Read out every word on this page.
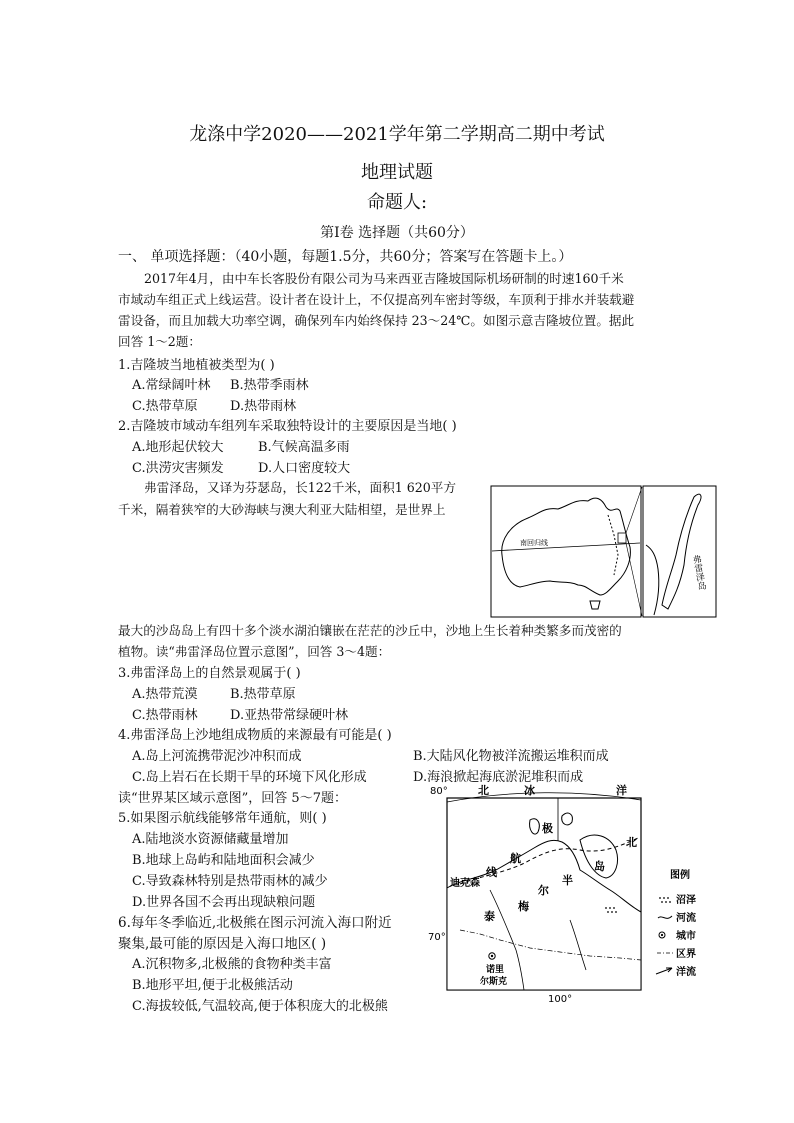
龙涤中学2020——2021学年第二学期高二期中考试
地理试题
命题人:
第Ⅰ卷 选择题（共60分）
一、 单项选择题：（40小题，每题1.5分，共60分；答案写在答题卡上。）
2017年4月，由中车长客股份有限公司为马来西亚吉隆坡国际机场研制的时速160千米
市域动车组正式上线运营。设计者在设计上，不仅提高列车密封等级，车顶利于排水并装载避
雷设备，而且加载大功率空调，确保列车内始终保持 23～24℃。如图示意吉隆坡位置。据此
回答 1～2题：
1.吉隆坡当地植被类型为( )
A.常绿阔叶林 B.热带季雨林
C.热带草原 D.热带雨林
2.吉隆坡市域动车组列车采取独特设计的主要原因是当地( )
A.地形起伏较大	B.气候高温多雨
C.洪涝灾害频发	D.人口密度较大
弗雷泽岛，又译为芬瑟岛，长122千米，面积1 620平方
千米，隔着狭窄的大砂海峡与澳大利亚大陆相望，是世界上
最大的沙岛岛上有四十多个淡水湖泊镶嵌在茫茫的沙丘中，沙地上生长着种类繁多而茂密的
植物。读“弗雷泽岛位置示意图”，回答 3～4题：
南回归线
弗雷泽岛
3.弗雷泽岛上的自然景观属于( )
A.热带荒漠 B.热带草原
C.热带雨林 D.亚热带常绿硬叶林
4.弗雷泽岛上沙地组成物质的来源最有可能是( )
A.岛上河流携带泥沙冲积而成	B.大陆风化物被洋流搬运堆积而成
C.岛上岩石在长期干旱的环境下风化形成	D.海浪掀起海底淤泥堆积而成
读“世界某区域示意图”，回答 5～7题：
5.如果图示航线能够常年通航，则( )
A.陆地淡水资源储藏量增加
B.地球上岛屿和陆地面积会减少
C.导致森林特别是热带雨林的减少
D.世界各国不会再出现缺粮问题
6.每年冬季临近,北极熊在图示河流入海口附近
聚集,最可能的原因是入海口地区( )
A.沉积物多,北极熊的食物种类丰富
B.地形平坦,便于北极熊活动
C.海拔较低,气温较高,便于体积庞大的北极熊
80°
70°
100°
北	冰	洋
北
极
航
线
泰
梅
尔
半
岛
迪克森
诺里
尔斯克
图例
沼泽
河流
城市
区界
洋流
